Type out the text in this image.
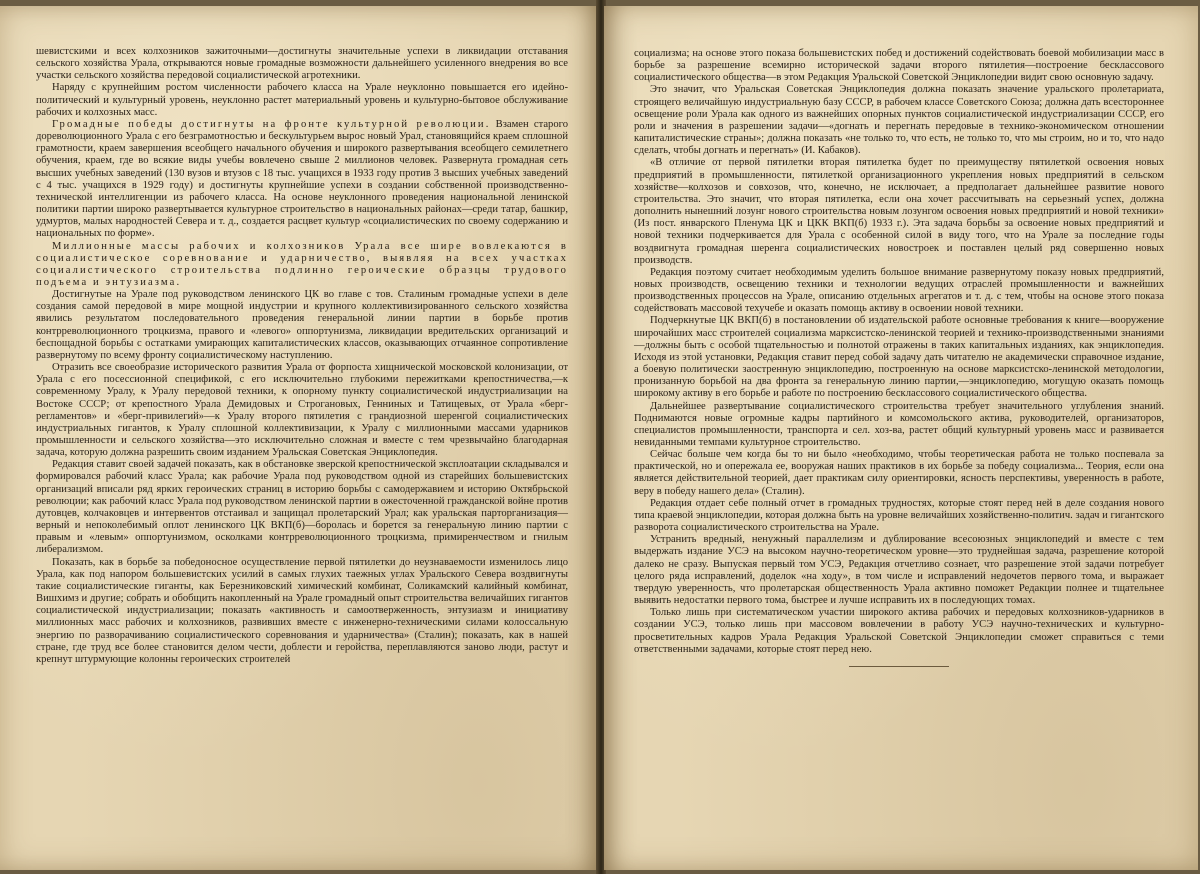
шевистскими и всех колхозников зажиточными—достигнуты значительные успехи в ликвидации отставания сельского хозяйства Урала, открываются новые громадные возможности дальнейшего усиленного внедрения во все участки сельского хозяйства передовой социалистической агротехники.

Наряду с крупнейшим ростом численности рабочего класса на Урале неуклонно повышается его идейно-политический и культурный уровень, неуклонно растет материальный уровень и культурно-бытовое обслуживание рабочих и колхозных масс.

Громадные победы достигнуты на фронте культурной революции. Взамен старого дореволюционного Урала с его безграмотностью и бескультурьем вырос новый Урал, становящийся краем сплошной грамотности, краем завершения всеобщего начального обучения и широкого развертывания всеобщего семилетнего обучения, краем, где во всякие виды учебы вовлечено свыше 2 миллионов человек. Развернута громадная сеть высших учебных заведений (130 вузов и втузов с 18 тыс. учащихся в 1933 году против 3 высших учебных заведений с 4 тыс. учащихся в 1929 году) и достигнуты крупнейшие успехи в создании собственной производственно-технической интеллигенции из рабочего класса. На основе неуклонного проведения национальной ленинской политики партии широко развертывается культурное строительство в национальных районах—среди татар, башкир, удмуртов, малых народностей Севера и т. д., создается расцвет культур «социалистических по своему содержанию и национальных по форме».

Миллионные массы рабочих и колхозников Урала все шире вовлекаются в социалистическое соревнование и ударничество, выявляя на всех участках социалистического строительства подлинно героические образцы трудового подъема и энтузиазма.

Достигнутые на Урале под руководством ленинского ЦК во главе с тов. Сталиным громадные успехи в деле создания самой передовой в мире мощной индустрии и крупного коллективизированного сельского хозяйства явились результатом последовательного проведения генеральной линии партии в борьбе против контрреволюционного троцкизма, правого и «левого» оппортунизма, ликвидации вредительских организаций и беспощадной борьбы с остатками умирающих капиталистических классов, оказывающих отчаянное сопротивление развернутому по всему фронту социалистическому наступлению.

Отразить все своеобразие исторического развития Урала от форпоста хищнической московской колонизации, от Урала с его посессионной спецификой, с его исключительно глубокими пережитками крепостничества,—к современному Уралу, к Уралу передовой техники, к опорному пункту социалистической индустриализации на Востоке СССР; от крепостного Урала Демидовых и Строгановых, Генниных и Татищевых, от Урала «берг-регламентов» и «берг-привилегий»—к Уралу второго пятилетия с грандиозной шеренгой социалистических индустриальных гигантов, к Уралу сплошной коллективизации, к Уралу с миллионными массами ударников промышленности и сельского хозяйства—это исключительно сложная и вместе с тем чрезвычайно благодарная задача, которую должна разрешить своим изданием Уральская Советская Энциклопедия.

Редакция ставит своей задачей показать, как в обстановке зверской крепостнической эксплоатации складывался и формировался рабочий класс Урала; как рабочие Урала под руководством одной из старейших большевистских организаций вписали ряд ярких героических страниц в историю борьбы с самодержавием и историю Октябрьской революции; как рабочий класс Урала под руководством ленинской партии в ожесточенной гражданской войне против дутовцев, колчаковцев и интервентов отстаивал и защищал пролетарский Урал; как уральская парторганизация—верный и непоколебимый оплот ленинского ЦК ВКП(б)—боролась и борется за генеральную линию партии с правым и «левым» оппортунизмом, осколками контрреволюционного троцкизма, примиренчеством и гнилым либерализмом.

Показать, как в борьбе за победоносное осуществление первой пятилетки до неузнаваемости изменилось лицо Урала, как под напором большевистских усилий в самых глухих таежных углах Уральского Севера воздвигнуты такие социалистические гиганты, как Березниковский химический комбинат, Соликамский калийный комбинат, Вишхимз и другие; собрать и обобщить накопленный на Урале громадный опыт строительства величайших гигантов социалистической индустриализации; показать «активность и самоотверженность, энтузиазм и инициативу миллионных масс рабочих и колхозников, развивших вместе с инженерно-техническими силами колоссальную энергию по разворачиванию социалистического соревнования и ударничества» (Сталин); показать, как в нашей стране, где труд все более становится делом чести, доблести и геройства, переплавляются заново люди, растут и крепнут штурмующие колонны героических строителей

социализма; на основе этого показа большевистских побед и достижений содействовать боевой мобилизации масс в борьбе за разрешение всемирно исторической задачи второго пятилетия—построение бесклассового социалистического общества—в этом Редакция Уральской Советской Энциклопедии видит свою основную задачу.

Это значит, что Уральская Советская Энциклопедия должна показать значение уральского пролетариата, строящего величайшую индустриальную базу СССР, в рабочем классе Советского Союза; должна дать всестороннее освещение роли Урала как одного из важнейших опорных пунктов социалистической индустриализации СССР, его роли и значения в разрешении задачи—«догнать и перегнать передовые в технико-экономическом отношении капиталистические страны»; должна показать «не только то, что есть, не только то, что мы строим, но и то, что надо сделать, чтобы догнать и перегнать» (И. Кабаков).

«В отличие от первой пятилетки вторая пятилетка будет по преимуществу пятилеткой освоения новых предприятий в промышленности, пятилеткой организационного укрепления новых предприятий в сельском хозяйстве—колхозов и совхозов, что, конечно, не исключает, а предполагает дальнейшее развитие нового строительства. Это значит, что вторая пятилетка, если она хочет рассчитывать на серьезный успех, должна дополнить нынешний лозунг нового строительства новым лозунгом освоения новых предприятий и новой техники» (Из пост. январского Пленума ЦК и ЦКК ВКП(б) 1933 г.). Эта задача борьбы за освоение новых предприятий и новой техники подчеркивается для Урала с особенной силой в виду того, что на Урале за последние годы воздвигнута громадная шеренга социалистических новостроек и поставлен целый ряд совершенно новых производств.

Редакция поэтому считает необходимым уделить большое внимание развернутому показу новых предприятий, новых производств, освещению техники и технологии ведущих отраслей промышленности и важнейших производственных процессов на Урале, описанию отдельных агрегатов и т. д. с тем, чтобы на основе этого показа содействовать массовой техучебе и оказать помощь активу в освоении новой техники.

Подчеркнутые ЦК ВКП(б) в постановлении об издательской работе основные требования к книге—вооружение широчайших масс строителей социализма марксистско-ленинской теорией и технико-производственными знаниями—должны быть с особой тщательностью и полнотой отражены в таких капитальных изданиях, как энциклопедия. Исходя из этой установки, Редакция ставит перед собой задачу дать читателю не академически справочное издание, а боевую политически заостренную энциклопедию, построенную на основе марксистско-ленинской методологии, пронизанную борьбой на два фронта за генеральную линию партии,—энциклопедию, могущую оказать помощь широкому активу в его борьбе и работе по построению бесклассового социалистического общества.

Дальнейшее развертывание социалистического строительства требует значительного углубления знаний. Поднимаются новые огромные кадры партийного и комсомольского актива, руководителей, организаторов, специалистов промышленности, транспорта и сел. хоз-ва, растет общий культурный уровень масс и развивается невиданными темпами культурное строительство.

Сейчас больше чем когда бы то ни было «необходимо, чтобы теоретическая работа не только поспевала за практической, но и опережала ее, вооружая наших практиков в их борьбе за победу социализма... Теория, если она является действительной теорией, дает практикам силу ориентировки, ясность перспективы, уверенность в работе, веру в победу нашего дела» (Сталин).

Редакция отдает себе полный отчет в громадных трудностях, которые стоят перед ней в деле создания нового типа краевой энциклопедии, которая должна быть на уровне величайших хозяйственно-политич. задач и гигантского разворота социалистического строительства на Урале.

Устранить вредный, ненужный параллелизм и дублирование всесоюзных энциклопедий и вместе с тем выдержать издание УСЭ на высоком научно-теоретическом уровне—это труднейшая задача, разрешение которой далеко не сразу. Выпуская первый том УСЭ, Редакция отчетливо сознает, что разрешение этой задачи потребует целого ряда исправлений, доделок «на ходу», в том числе и исправлений недочетов первого тома, и выражает твердую уверенность, что пролетарская общественность Урала активно поможет Редакции полнее и тщательнее выявить недостатки первого тома, быстрее и лучше исправить их в последующих томах.

Только лишь при систематическом участии широкого актива рабочих и передовых колхозников-ударников в создании УСЭ, только лишь при массовом вовлечении в работу УСЭ научно-технических и культурно-просветительных кадров Урала Редакция Уральской Советской Энциклопедии сможет справиться с теми ответственными задачами, которые стоят перед нею.
